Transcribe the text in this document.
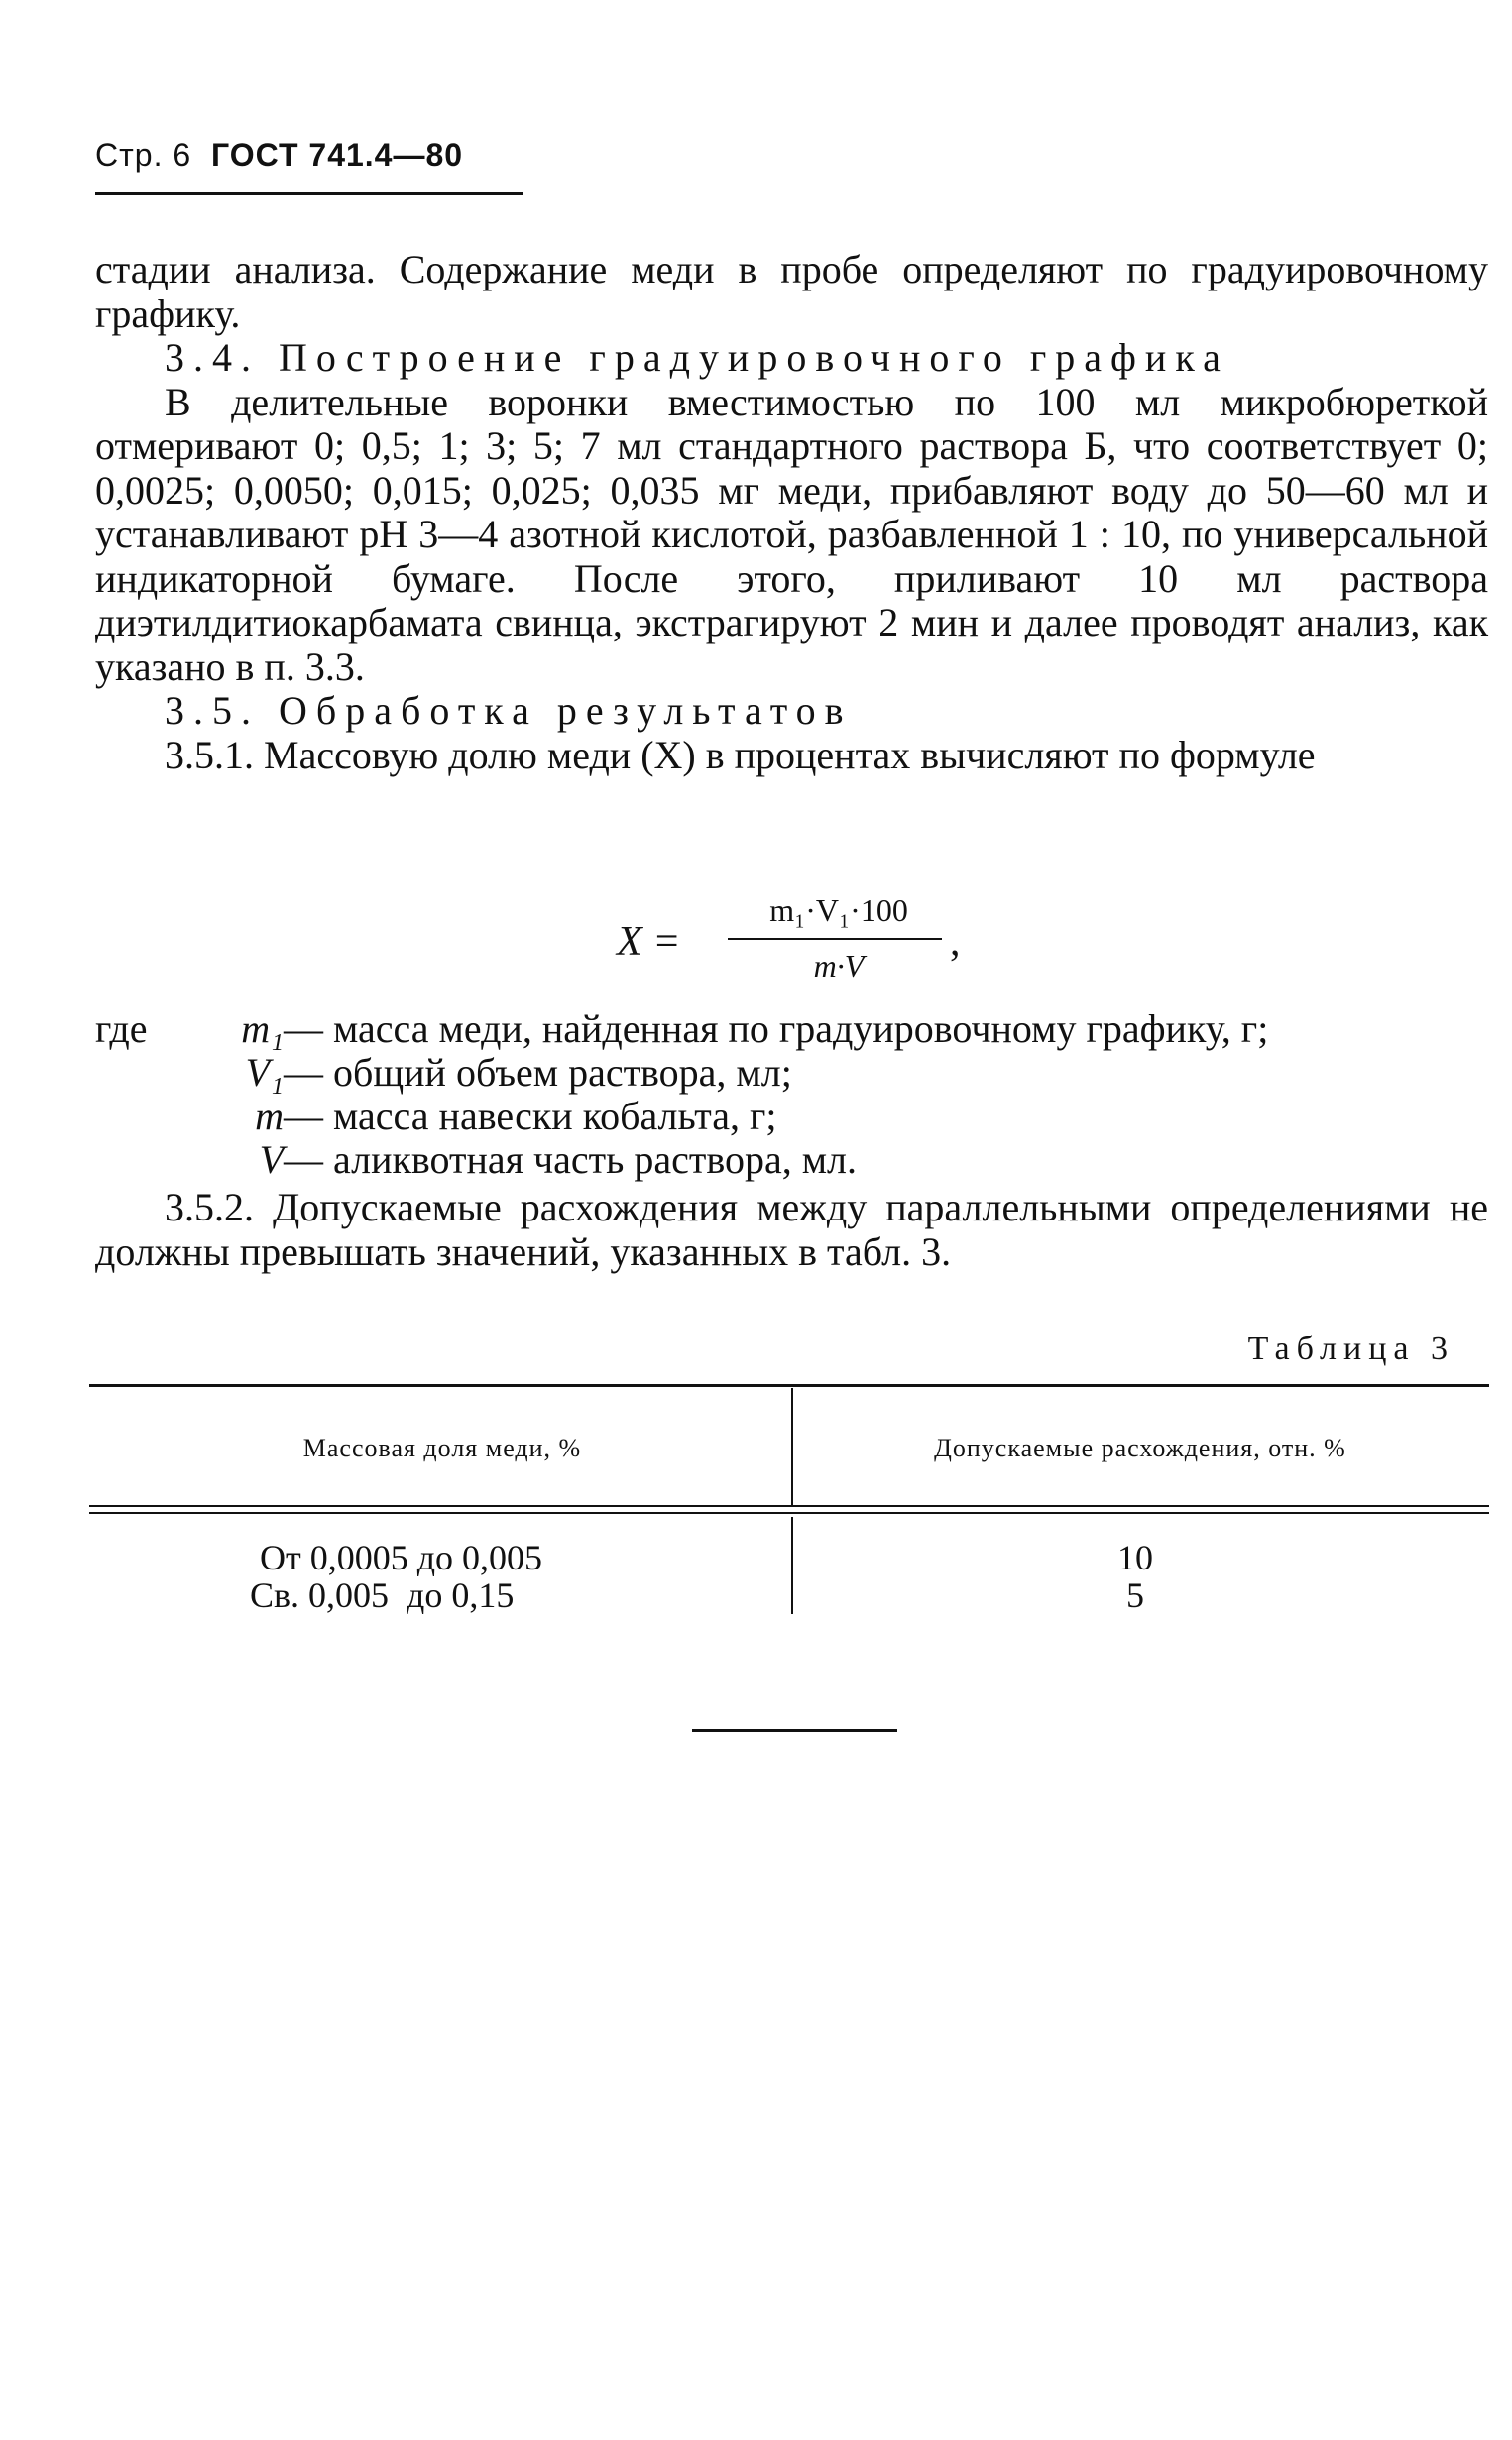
Стр. 6 ГОСТ 741.4—80

стадии анализа. Содержание меди в пробе определяют по градуировочному графику.

3.4. Построение градуировочного графика

В делительные воронки вместимостью по 100 мл микробюреткой отмеривают 0; 0,5; 1; 3; 5; 7 мл стандартного раствора Б, что соответствует 0; 0,0025; 0,0050; 0,015; 0,025; 0,035 мг меди, прибавляют воду до 50—60 мл и устанавливают рН 3—4 азотной кислотой, разбавленной 1 : 10, по универсальной индикаторной бумаге. После этого, приливают 10 мл раствора диэтилдитиокарбамата свинца, экстрагируют 2 мин и далее проводят анализ, как указано в п. 3.3.

3.5. Обработка результатов

3.5.1. Массовую долю меди (X) в процентах вычисляют по формуле

X =
m₁·V₁·100
m·V
,
где m₁ — масса меди, найденная по градуировочному графику, г;
V₁ — общий объем раствора, мл;
m — масса навески кобальта, г;
V — аликвотная часть раствора, мл.

3.5.2. Допускаемые расхождения между параллельными определениями не должны превышать значений, указанных в табл. 3.

Таблица 3
Массовая доля меди, %	Допускаемые расхождения, отн. %
От 0,0005 до 0,005	10
Св. 0,005  до 0,15	5
